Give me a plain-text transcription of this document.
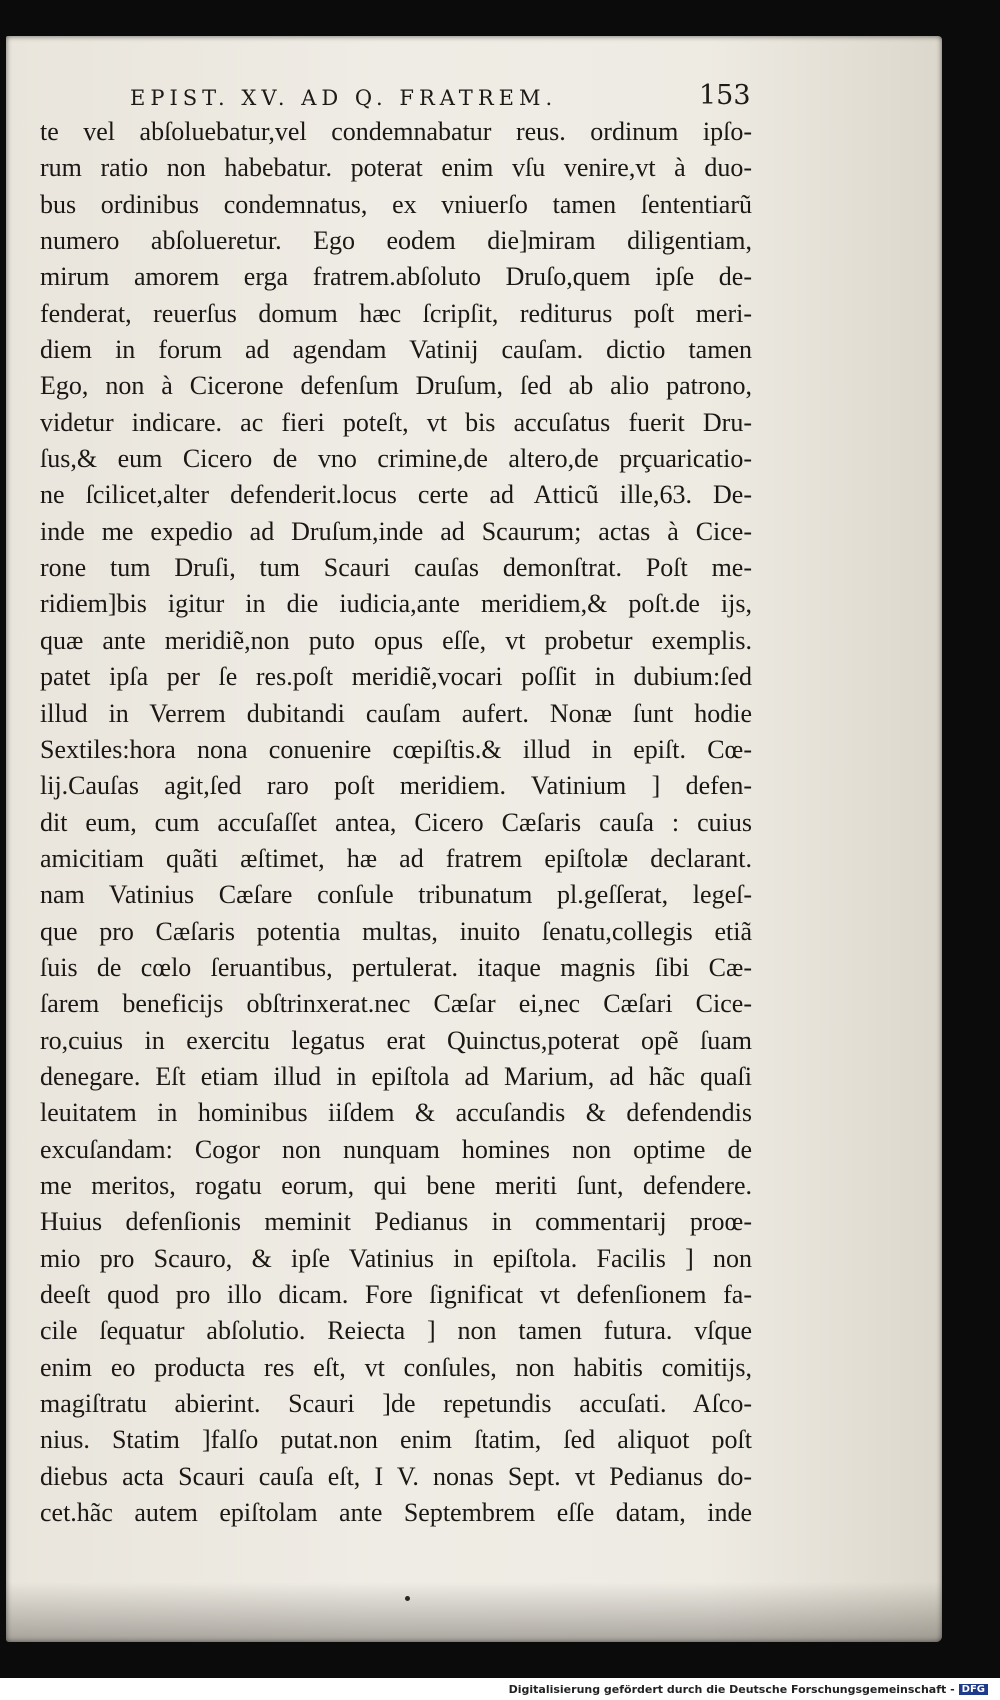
EPIST. XV. AD Q. FRATREM.	153
te vel abſoluebatur,vel condemnabatur reus. ordinum ipſo-
rum ratio non habebatur. poterat enim vſu venire,vt à duo-
bus ordinibus condemnatus, ex vniuerſo tamen ſententiarũ
numero abſolueretur. Ego eodem die]miram diligentiam,
mirum amorem erga fratrem.abſoluto Druſo,quem ipſe de-
fenderat, reuerſus domum hæc ſcripſit, rediturus poſt meri-
diem in forum ad agendam Vatinij cauſam. dictio tamen
Ego, non à Cicerone defenſum Druſum, ſed ab alio patrono,
videtur indicare. ac fieri poteſt, vt bis accuſatus fuerit Dru-
ſus,& eum Cicero de vno crimine,de altero,de prçuaricatio-
ne ſcilicet,alter defenderit.locus certe ad Atticũ ille,63. De-
inde me expedio ad Druſum,inde ad Scaurum; actas à Cice-
rone tum Druſi, tum Scauri cauſas demonſtrat. Poſt me-
ridiem]bis igitur in die iudicia,ante meridiem,& poſt.de ijs,
quæ ante meridiẽ,non puto opus eſſe, vt probetur exemplis.
patet ipſa per ſe res.poſt meridiẽ,vocari poſſit in dubium:ſed
illud in Verrem dubitandi cauſam aufert. Nonæ ſunt hodie
Sextiles:hora nona conuenire cœpiſtis.& illud in epiſt. Cœ-
lij.Cauſas agit,ſed raro poſt meridiem. Vatinium ] defen-
dit eum, cum accuſaſſet antea, Cicero Cæſaris cauſa : cuius
amicitiam quãti æſtimet, hæ ad fratrem epiſtolæ declarant.
nam Vatinius Cæſare conſule tribunatum pl.geſſerat, legeſ-
que pro Cæſaris potentia multas, inuito ſenatu,collegis etiã
ſuis de cœlo ſeruantibus, pertulerat. itaque magnis ſibi Cæ-
ſarem beneficijs obſtrinxerat.nec Cæſar ei,nec Cæſari Cice-
ro,cuius in exercitu legatus erat Quinctus,poterat opẽ ſuam
denegare. Eſt etiam illud in epiſtola ad Marium, ad hãc quaſi
leuitatem in hominibus iiſdem & accuſandis & defendendis
excuſandam: Cogor non nunquam homines non optime de
me meritos, rogatu eorum, qui bene meriti ſunt, defendere.
Huius defenſionis meminit Pedianus in commentarij proœ-
mio pro Scauro, & ipſe Vatinius in epiſtola. Facilis ] non
deeſt quod pro illo dicam. Fore ſignificat vt defenſionem fa-
cile ſequatur abſolutio. Reiecta ] non tamen futura. vſque
enim eo producta res eſt, vt conſules, non habitis comitijs,
magiſtratu abierint. Scauri ]de repetundis accuſati. Aſco-
nius. Statim ]falſo putat.non enim ſtatim, ſed aliquot poſt
diebus acta Scauri cauſa eſt, I V. nonas Sept. vt Pedianus do-
cet.hãc autem epiſtolam ante Septembrem eſſe datam, inde
Digitalisierung gefördert durch die Deutsche Forschungsgemeinschaft - DFG
